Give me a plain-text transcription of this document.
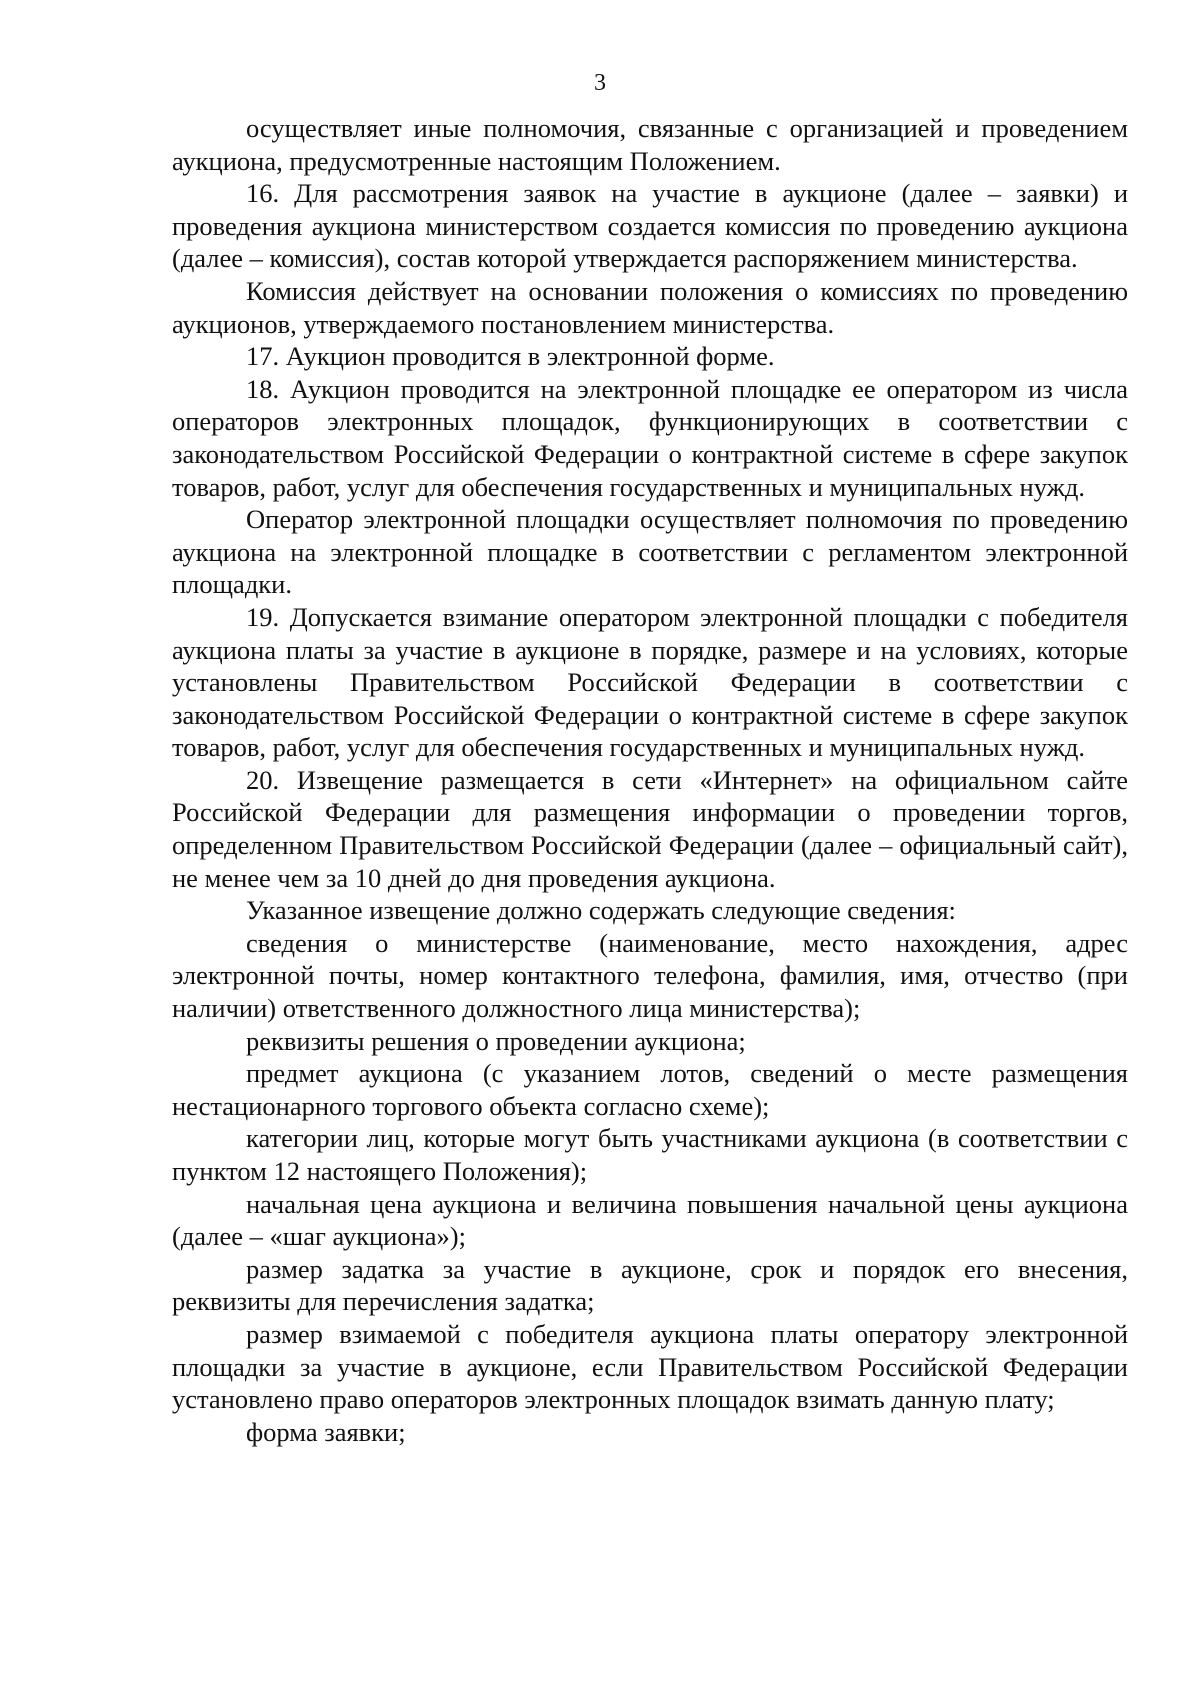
3

осуществляет иные полномочия, связанные с организацией и проведением аукциона, предусмотренные настоящим Положением.

16. Для рассмотрения заявок на участие в аукционе (далее – заявки) и проведения аукциона министерством создается комиссия по проведению аукциона (далее – комиссия), состав которой утверждается распоряжением министерства.

Комиссия действует на основании положения о комиссиях по проведению аукционов, утверждаемого постановлением министерства.

17. Аукцион проводится в электронной форме.

18. Аукцион проводится на электронной площадке ее оператором из числа операторов электронных площадок, функционирующих в соответствии с законодательством Российской Федерации о контрактной системе в сфере закупок товаров, работ, услуг для обеспечения государственных и муниципальных нужд.

Оператор электронной площадки осуществляет полномочия по проведению аукциона на электронной площадке в соответствии с регламентом электронной площадки.

19. Допускается взимание оператором электронной площадки с победителя аукциона платы за участие в аукционе в порядке, размере и на условиях, которые установлены Правительством Российской Федерации в соответствии с законодательством Российской Федерации о контрактной системе в сфере закупок товаров, работ, услуг для обеспечения государственных и муниципальных нужд.

20. Извещение размещается в сети «Интернет» на официальном сайте Российской Федерации для размещения информации о проведении торгов, определенном Правительством Российской Федерации (далее – официальный сайт), не менее чем за 10 дней до дня проведения аукциона.

Указанное извещение должно содержать следующие сведения:

сведения о министерстве (наименование, место нахождения, адрес электронной почты, номер контактного телефона, фамилия, имя, отчество (при наличии) ответственного должностного лица министерства);

реквизиты решения о проведении аукциона;

предмет аукциона (с указанием лотов, сведений о месте размещения нестационарного торгового объекта согласно схеме);

категории лиц, которые могут быть участниками аукциона (в соответствии с пунктом 12 настоящего Положения);

начальная цена аукциона и величина повышения начальной цены аукциона (далее – «шаг аукциона»);

размер задатка за участие в аукционе, срок и порядок его внесения, реквизиты для перечисления задатка;

размер взимаемой с победителя аукциона платы оператору электронной площадки за участие в аукционе, если Правительством Российской Федерации установлено право операторов электронных площадок взимать данную плату;

форма заявки;
